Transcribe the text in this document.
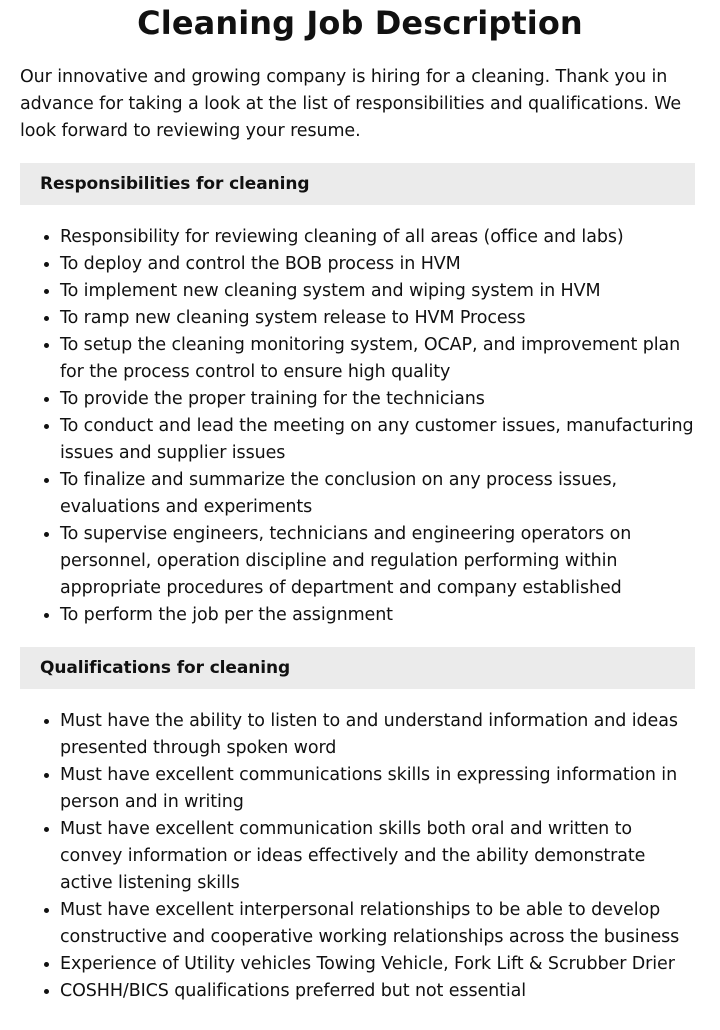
Cleaning Job Description

Our innovative and growing company is hiring for a cleaning. Thank you in advance for taking a look at the list of responsibilities and qualifications. We look forward to reviewing your resume.

Responsibilities for cleaning
• Responsibility for reviewing cleaning of all areas (office and labs)
• To deploy and control the BOB process in HVM
• To implement new cleaning system and wiping system in HVM
• To ramp new cleaning system release to HVM Process
• To setup the cleaning monitoring system, OCAP, and improvement plan for the process control to ensure high quality
• To provide the proper training for the technicians
• To conduct and lead the meeting on any customer issues, manufacturing issues and supplier issues
• To finalize and summarize the conclusion on any process issues, evaluations and experiments
• To supervise engineers, technicians and engineering operators on personnel, operation discipline and regulation performing within appropriate procedures of department and company established
• To perform the job per the assignment
Qualifications for cleaning
• Must have the ability to listen to and understand information and ideas presented through spoken word
• Must have excellent communications skills in expressing information in person and in writing
• Must have excellent communication skills both oral and written to convey information or ideas effectively and the ability demonstrate active listening skills
• Must have excellent interpersonal relationships to be able to develop constructive and cooperative working relationships across the business
• Experience of Utility vehicles Towing Vehicle, Fork Lift & Scrubber Drier
• COSHH/BICS qualifications preferred but not essential
